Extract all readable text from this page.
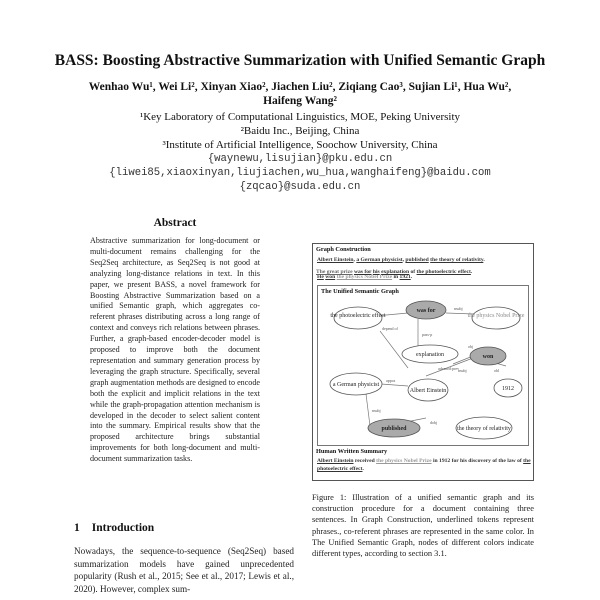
BASS: Boosting Abstractive Summarization with Unified Semantic Graph
Wenhao Wu¹, Wei Li², Xinyan Xiao², Jiachen Liu², Ziqiang Cao³, Sujian Li¹, Hua Wu²,
Haifeng Wang²
¹Key Laboratory of Computational Linguistics, MOE, Peking University
²Baidu Inc., Beijing, China
³Institute of Artificial Intelligence, Soochow University, China
{waynewu,lisujian}@pku.edu.cn
{liwei85,xiaoxinyan,liujiachen,wu_hua,wanghaifeng}@baidu.com
{zqcao}@suda.edu.cn
Abstract
Abstractive summarization for long-document or multi-document remains challenging for the Seq2Seq architecture, as Seq2Seq is not good at analyzing long-distance relations in text. In this paper, we present BASS, a novel framework for Boosting Abstractive Summarization based on a unified Semantic graph, which aggregates co-referent phrases distributing across a long range of context and conveys rich relations between phrases. Further, a graph-based encoder-decoder model is proposed to improve both the document representation and summary generation process by leveraging the graph structure. Specifically, several graph augmentation methods are designed to encode both the explicit and implicit relations in the text while the graph-propagation attention mechanism is developed in the decoder to select salient content into the summary. Empirical results show that the proposed architecture brings substantial improvements for both long-document and multi-document summarization tasks.
1 Introduction
Nowadays, the sequence-to-sequence (Seq2Seq) based summarization models have gained unprecedented popularity (Rush et al., 2015; See et al., 2017; Lewis et al., 2020). However, complex sum-
Graph Construction
Albert Einstein, a German physicist, published the theory of relativity.
He won the physics Nobel Prize in 1921.
The Unified Semantic Graph
the photoelectric effect
was for
the physics Nobel Prize
explanation	won
a German physicist
Albert Einstein	1912
published	the theory of relativity
depend of
nsubj
pass-p
advmod:prev	obl
appos
nsubj
nsubj
obj
dobj
Human Written Summary
Albert Einstein received the physics Nobel Prize in 1912 for his discovery of the law of the photoelectric effect.
The great prize was for his explanation of the photoelectric effect.
Figure 1: Illustration of a unified semantic graph and its construction procedure for a document containing three sentences. In Graph Construction, underlined tokens represent phrases., co-referent phrases are represented in the same color. In The Unified Semantic Graph, nodes of different colors indicate different types, according to section 3.1.
